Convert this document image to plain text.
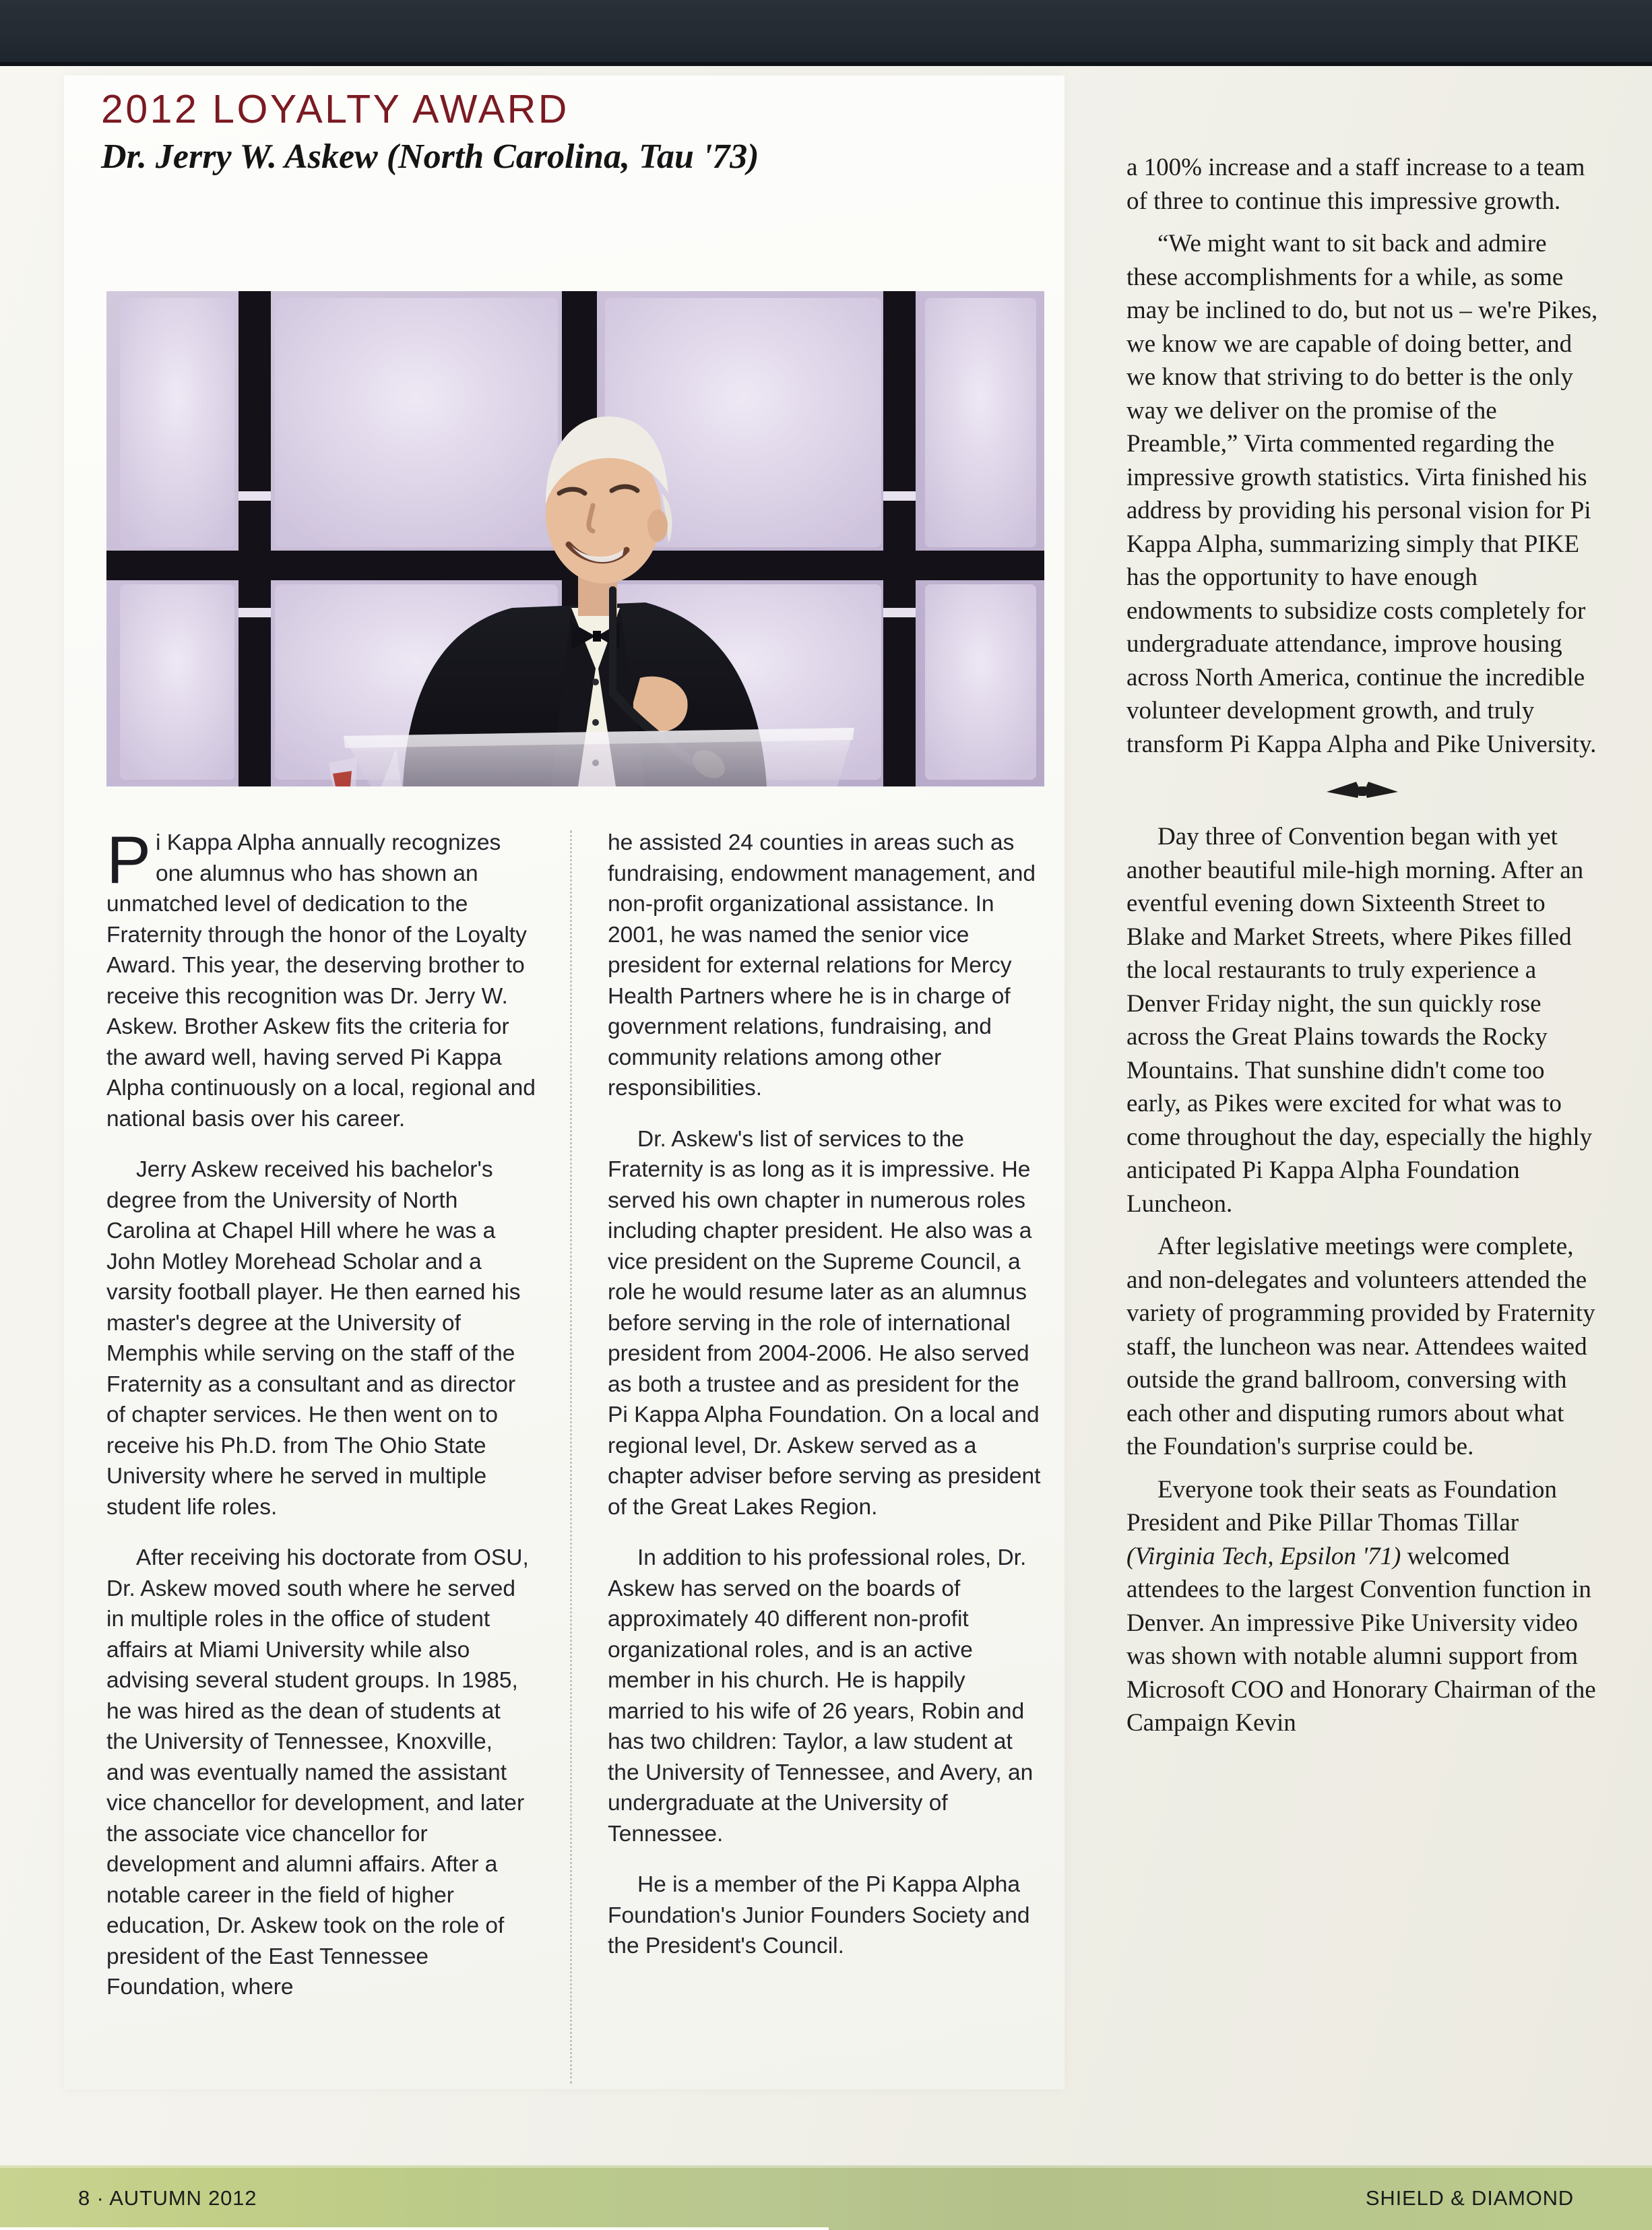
2012 LOYALTY AWARD
Dr. Jerry W. Askew (North Carolina, Tau '73)

Pi Kappa Alpha annually recognizes one alumnus who has shown an unmatched level of dedication to the Fraternity through the honor of the Loyalty Award. This year, the deserving brother to receive this recognition was Dr. Jerry W. Askew. Brother Askew fits the criteria for the award well, having served Pi Kappa Alpha continuously on a local, regional and national basis over his career.

Jerry Askew received his bachelor's degree from the University of North Carolina at Chapel Hill where he was a John Motley Morehead Scholar and a varsity football player. He then earned his master's degree at the University of Memphis while serving on the staff of the Fraternity as a consultant and as director of chapter services. He then went on to receive his Ph.D. from The Ohio State University where he served in multiple student life roles.

After receiving his doctorate from OSU, Dr. Askew moved south where he served in multiple roles in the office of student affairs at Miami University while also advising several student groups. In 1985, he was hired as the dean of students at the University of Tennessee, Knoxville, and was eventually named the assistant vice chancellor for development, and later the associate vice chancellor for development and alumni affairs. After a notable career in the field of higher education, Dr. Askew took on the role of president of the East Tennessee Foundation, where

he assisted 24 counties in areas such as fundraising, endowment management, and non-profit organizational assistance. In 2001, he was named the senior vice president for external relations for Mercy Health Partners where he is in charge of government relations, fundraising, and community relations among other responsibilities.

Dr. Askew's list of services to the Fraternity is as long as it is impressive. He served his own chapter in numerous roles including chapter president. He also was a vice president on the Supreme Council, a role he would resume later as an alumnus before serving in the role of international president from 2004-2006. He also served as both a trustee and as president for the Pi Kappa Alpha Foundation. On a local and regional level, Dr. Askew served as a chapter adviser before serving as president of the Great Lakes Region.

In addition to his professional roles, Dr. Askew has served on the boards of approximately 40 different non-profit organizational roles, and is an active member in his church. He is happily married to his wife of 26 years, Robin and has two children: Taylor, a law student at the University of Tennessee, and Avery, an undergraduate at the University of Tennessee.

He is a member of the Pi Kappa Alpha Foundation's Junior Founders Society and the President's Council.

a 100% increase and a staff increase to a team of three to continue this impressive growth.

“We might want to sit back and admire these accomplishments for a while, as some may be inclined to do, but not us – we're Pikes, we know we are capable of doing better, and we know that striving to do better is the only way we deliver on the promise of the Preamble,” Virta commented regarding the impressive growth statistics. Virta finished his address by providing his personal vision for Pi Kappa Alpha, summarizing simply that PIKE has the opportunity to have enough endowments to subsidize costs completely for undergraduate attendance, improve housing across North America, continue the incredible volunteer development growth, and truly transform Pi Kappa Alpha and Pike University.

Day three of Convention began with yet another beautiful mile-high morning. After an eventful evening down Sixteenth Street to Blake and Market Streets, where Pikes filled the local restaurants to truly experience a Denver Friday night, the sun quickly rose across the Great Plains towards the Rocky Mountains. That sunshine didn't come too early, as Pikes were excited for what was to come throughout the day, especially the highly anticipated Pi Kappa Alpha Foundation Luncheon.

After legislative meetings were complete, and non-delegates and volunteers attended the variety of programming provided by Fraternity staff, the luncheon was near. Attendees waited outside the grand ballroom, conversing with each other and disputing rumors about what the Foundation's surprise could be.

Everyone took their seats as Foundation President and Pike Pillar Thomas Tillar (Virginia Tech, Epsilon '71) welcomed attendees to the largest Convention function in Denver. An impressive Pike University video was shown with notable alumni support from Microsoft COO and Honorary Chairman of the Campaign Kevin

8 · AUTUMN 2012	SHIELD & DIAMOND
